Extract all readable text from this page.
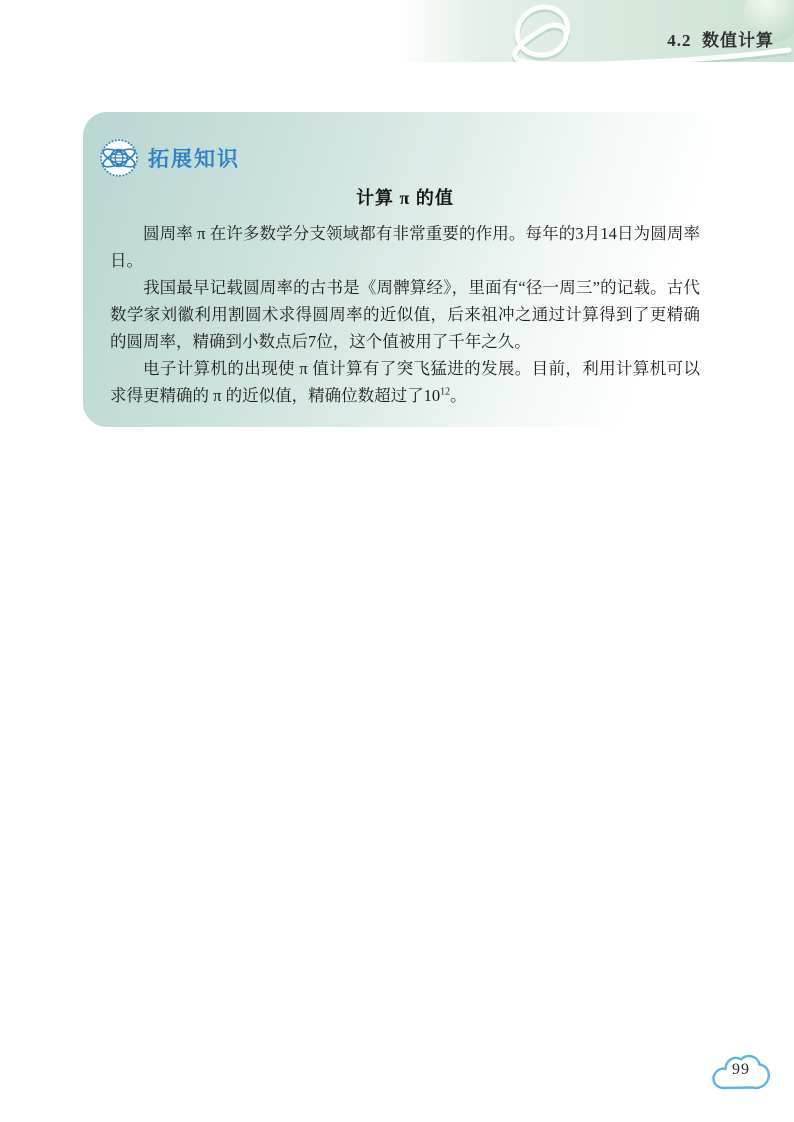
4.2  数值计算
拓展知识
计算 π 的值

圆周率 π 在许多数学分支领域都有非常重要的作用。每年的3月14日为圆周率日。

我国最早记载圆周率的古书是《周髀算经》，里面有“径一周三”的记载。古代数学家刘徽利用割圆术求得圆周率的近似值，后来祖冲之通过计算得到了更精确的圆周率，精确到小数点后7位，这个值被用了千年之久。

电子计算机的出现使 π 值计算有了突飞猛进的发展。目前，利用计算机可以求得更精确的 π 的近似值，精确位数超过了$10^{12}$。

99
